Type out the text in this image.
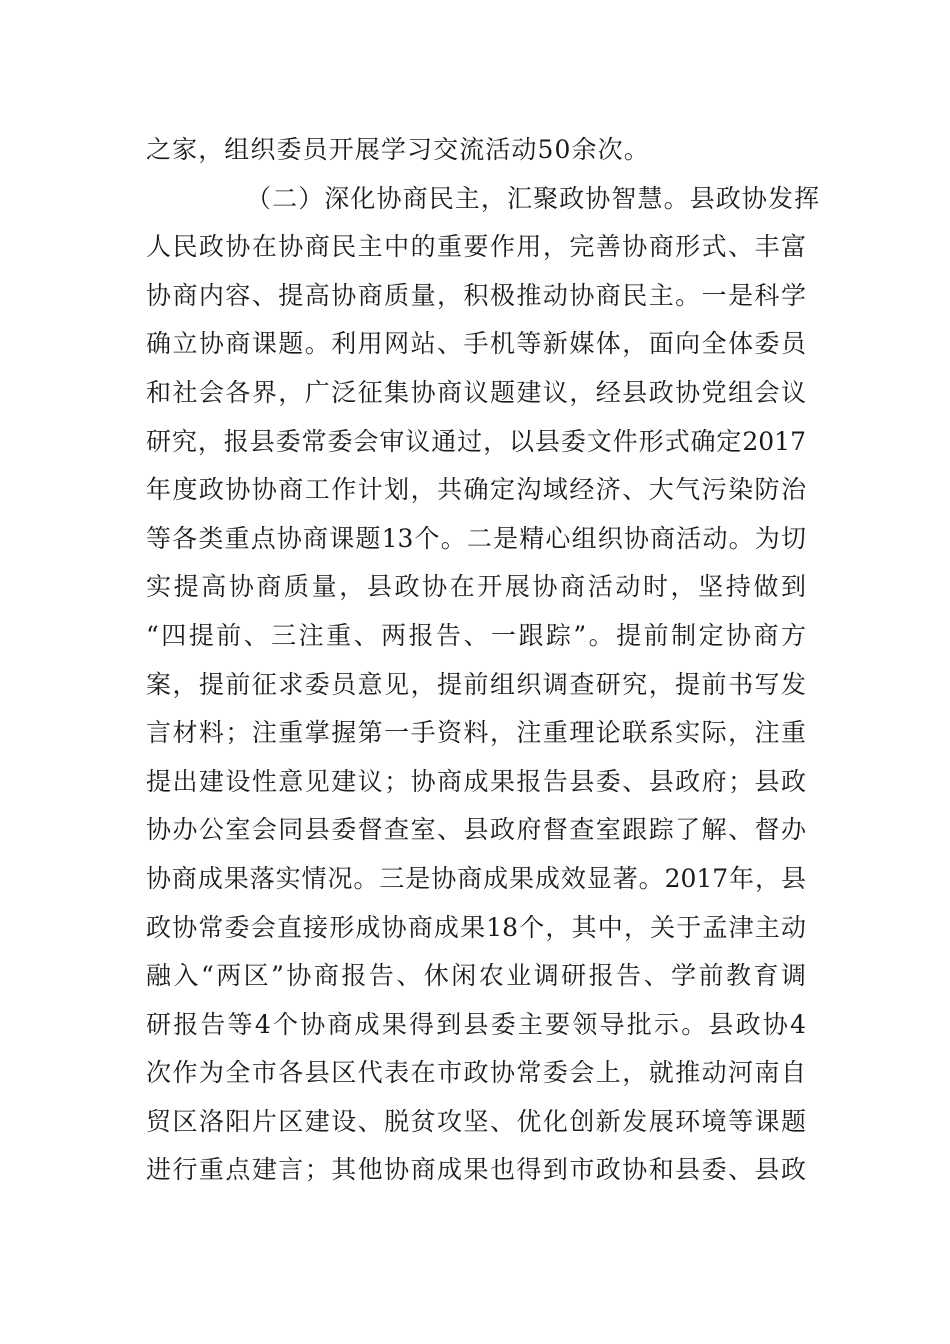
之家，组织委员开展学习交流活动50余次。
（二）深化协商民主，汇聚政协智慧。县政协发挥
人民政协在协商民主中的重要作用，完善协商形式、丰富
协商内容、提高协商质量，积极推动协商民主。一是科学
确立协商课题。利用网站、手机等新媒体，面向全体委员
和社会各界，广泛征集协商议题建议，经县政协党组会议
研究，报县委常委会审议通过，以县委文件形式确定2017
年度政协协商工作计划，共确定沟域经济、大气污染防治
等各类重点协商课题13个。二是精心组织协商活动。为切
实提高协商质量，县政协在开展协商活动时，坚持做到
“四提前、三注重、两报告、一跟踪”。提前制定协商方
案，提前征求委员意见，提前组织调查研究，提前书写发
言材料；注重掌握第一手资料，注重理论联系实际，注重
提出建设性意见建议；协商成果报告县委、县政府；县政
协办公室会同县委督查室、县政府督查室跟踪了解、督办
协商成果落实情况。三是协商成果成效显著。2017年，县
政协常委会直接形成协商成果18个，其中，关于孟津主动
融入“两区”协商报告、休闲农业调研报告、学前教育调
研报告等4个协商成果得到县委主要领导批示。县政协4
次作为全市各县区代表在市政协常委会上，就推动河南自
贸区洛阳片区建设、脱贫攻坚、优化创新发展环境等课题
进行重点建言；其他协商成果也得到市政协和县委、县政
